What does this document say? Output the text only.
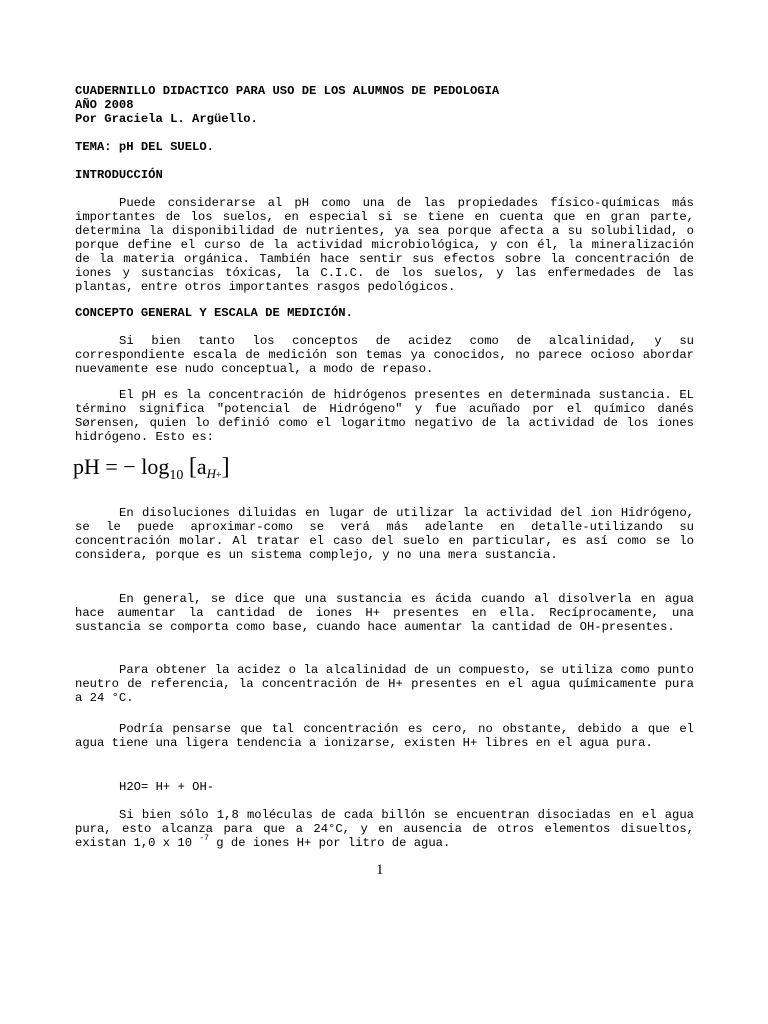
CUADERNILLO DIDACTICO PARA USO DE LOS ALUMNOS DE PEDOLOGIA
AÑO 2008
Por Graciela L. Argüello.
TEMA: pH DEL SUELO.
INTRODUCCIÓN

Puede considerarse al pH como una de las propiedades físico-químicas más importantes de los suelos, en especial si se tiene en cuenta que en gran parte, determina la disponibilidad de nutrientes, ya sea porque afecta a su solubilidad, o porque define el curso de la actividad microbiológica, y con él, la mineralización de la materia orgánica. También hace sentir sus efectos sobre la concentración de iones y sustancias tóxicas, la C.I.C. de los suelos, y las enfermedades de las plantas, entre otros importantes rasgos pedológicos.

CONCEPTO GENERAL Y ESCALA DE MEDICIÓN.

Si bien tanto los conceptos de acidez como de alcalinidad, y su correspondiente escala de medición son temas ya conocidos, no parece ocioso abordar nuevamente ese nudo conceptual, a modo de repaso.

El pH es la concentración de hidrógenos presentes en determinada sustancia. EL término significa "potencial de Hidrógeno" y fue acuñado por el químico danés Sørensen, quien lo definió como el logaritmo negativo de la actividad de los iones hidrógeno. Esto es:

pH = − $\log_{10} [aH+]$

En disoluciones diluidas en lugar de utilizar la actividad del ion Hidrógeno, se le puede aproximar-como se verá más adelante en detalle-utilizando su concentración molar. Al tratar el caso del suelo en particular, es así como se lo considera, porque es un sistema complejo, y no una mera sustancia.

En general, se dice que una sustancia es ácida cuando al disolverla en agua hace aumentar la cantidad de iones H+ presentes en ella. Recíprocamente, una sustancia se comporta como base, cuando hace aumentar la cantidad de OH-presentes.

Para obtener la acidez o la alcalinidad de un compuesto, se utiliza como punto neutro de referencia, la concentración de H+ presentes en el agua químicamente pura a 24 °C.

Podría pensarse que tal concentración es cero, no obstante, debido a que el agua tiene una ligera tendencia a ionizarse, existen H+ libres en el agua pura.

H2O= H+ + OH-

Si bien sólo 1,8 moléculas de cada billón se encuentran disociadas en el agua pura, esto alcanza para que a 24°C, y en ausencia de otros elementos disueltos, existan 1,0 x 10 $^{-7}$ g de iones H+ por litro de agua.

1
